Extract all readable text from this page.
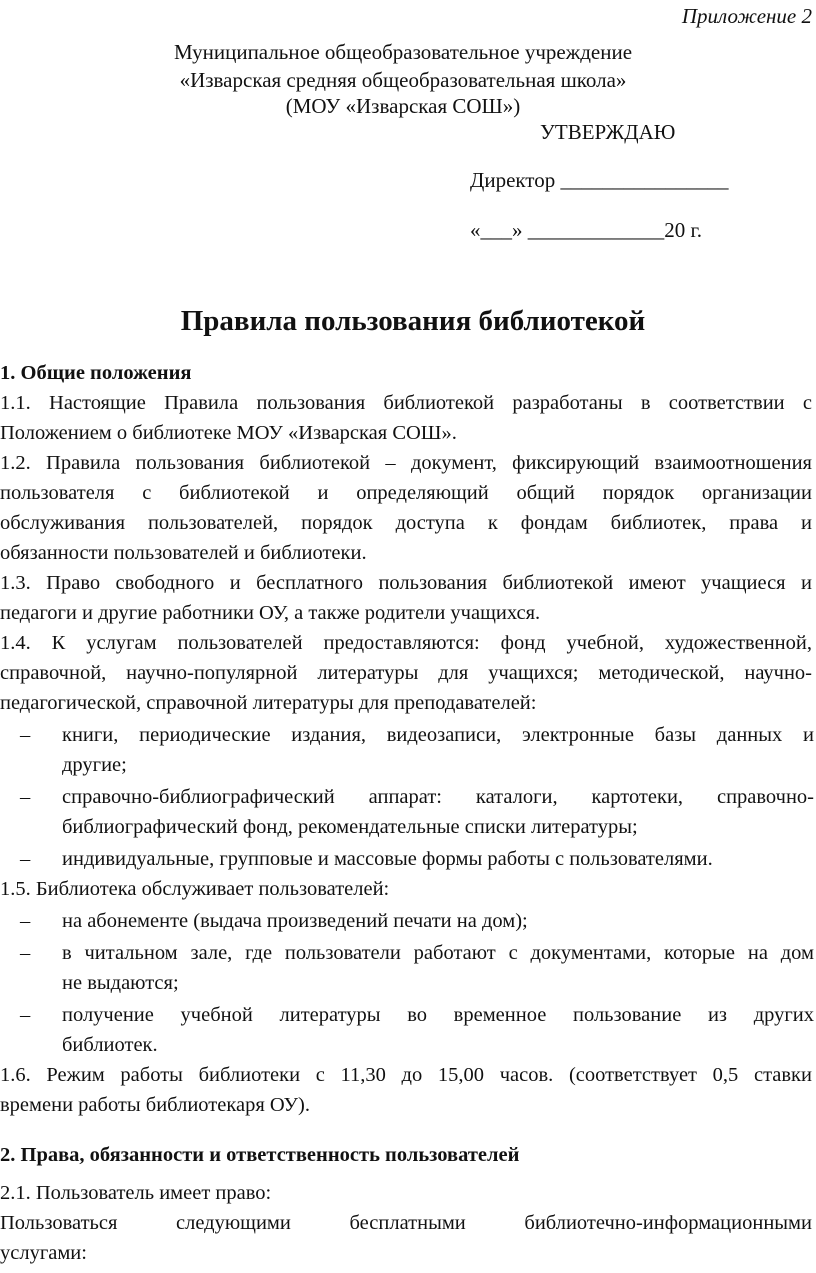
Приложение 2
Муниципальное общеобразовательное учреждение
«Изварская средняя общеобразовательная школа»
(МОУ «Изварская СОШ»)
УТВЕРЖДАЮ
Директор ________________
«___» _____________20 г.
Правила пользования библиотекой
1. Общие положения
1.1. Настоящие Правила пользования библиотекой разработаны в соответствии с
Положением о библиотеке МОУ «Изварская СОШ».
1.2. Правила пользования библиотекой – документ, фиксирующий взаимоотношения
пользователя с библиотекой и определяющий общий порядок организации
обслуживания пользователей, порядок доступа к фондам библиотек, права и
обязанности пользователей и библиотеки.
1.3. Право свободного и бесплатного пользования библиотекой имеют учащиеся и
педагоги и другие работники ОУ, а также родители учащихся.
1.4. К услугам пользователей предоставляются: фонд учебной, художественной,
справочной, научно-популярной литературы для учащихся; методической, научно-
педагогической, справочной литературы для преподавателей:
– книги, периодические издания, видеозаписи, электронные базы данных и
другие;
– справочно-библиографический аппарат: каталоги, картотеки, справочно-
библиографический фонд, рекомендательные списки литературы;
– индивидуальные, групповые и массовые формы работы с пользователями.
1.5. Библиотека обслуживает пользователей:
– на абонементе (выдача произведений печати на дом);
– в читальном зале, где пользователи работают с документами, которые на дом
не выдаются;
– получение учебной литературы во временное пользование из других
библиотек.
1.6. Режим работы библиотеки с 11,30 до 15,00 часов. (соответствует 0,5 ставки
времени работы библиотекаря ОУ).
2. Права, обязанности и ответственность пользователей
2.1. Пользователь имеет право:
Пользоваться следующими бесплатными библиотечно-информационными
услугами:
